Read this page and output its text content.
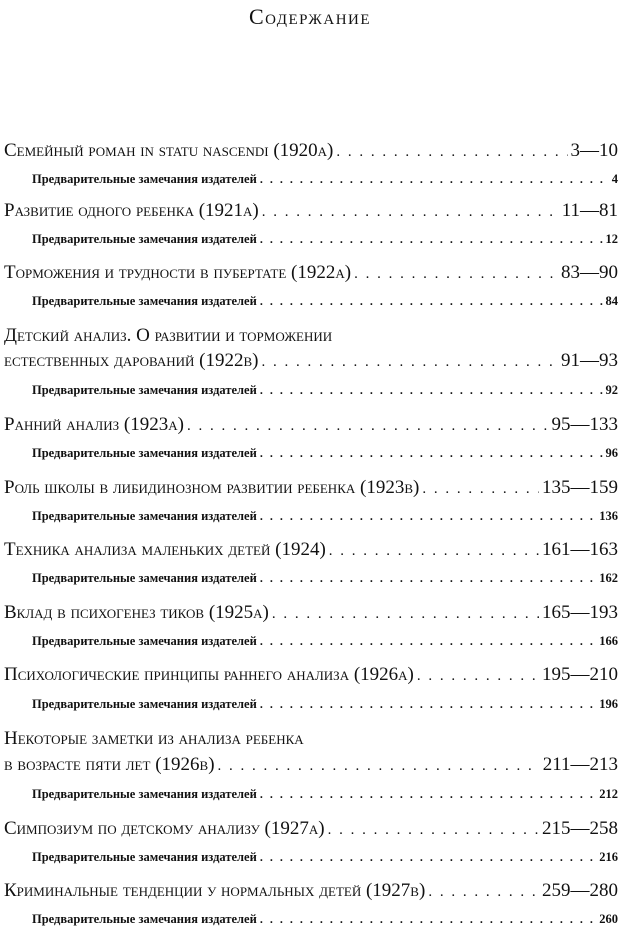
Содержание
Семейный роман in statu nascendi (1920a) . . .	3—10
Предварительные замечания издателей . . .	4
Развитие одного ребенка (1921a) . . .	11—81
Предварительные замечания издателей . . .	12
Торможения и трудности в пубертате (1922a) . . .	83—90
Предварительные замечания издателей . . .	84
Детский анализ. О развитии и торможении
естественных дарований (1922b) . . .	91—93
Предварительные замечания издателей . . .	92
Ранний анализ (1923a) . . .	95—133
Предварительные замечания издателей . . .	96
Роль школы в либидинозном развитии ребенка (1923b) . . .	135—159
Предварительные замечания издателей . . .	136
Техника анализа маленьких детей (1924) . . .	161—163
Предварительные замечания издателей . . .	162
Вклад в психогенез тиков (1925a) . . .	165—193
Предварительные замечания издателей . . .	166
Психологические принципы раннего анализа (1926a) . . .	195—210
Предварительные замечания издателей . . .	196
Некоторые заметки из анализа ребенка
в возрасте пяти лет (1926b) . . .	211—213
Предварительные замечания издателей . . .	212
Симпозиум по детскому анализу (1927a) . . .	215—258
Предварительные замечания издателей . . .	216
Криминальные тенденции у нормальных детей (1927b) . . .	259—280
Предварительные замечания издателей . . .	260
